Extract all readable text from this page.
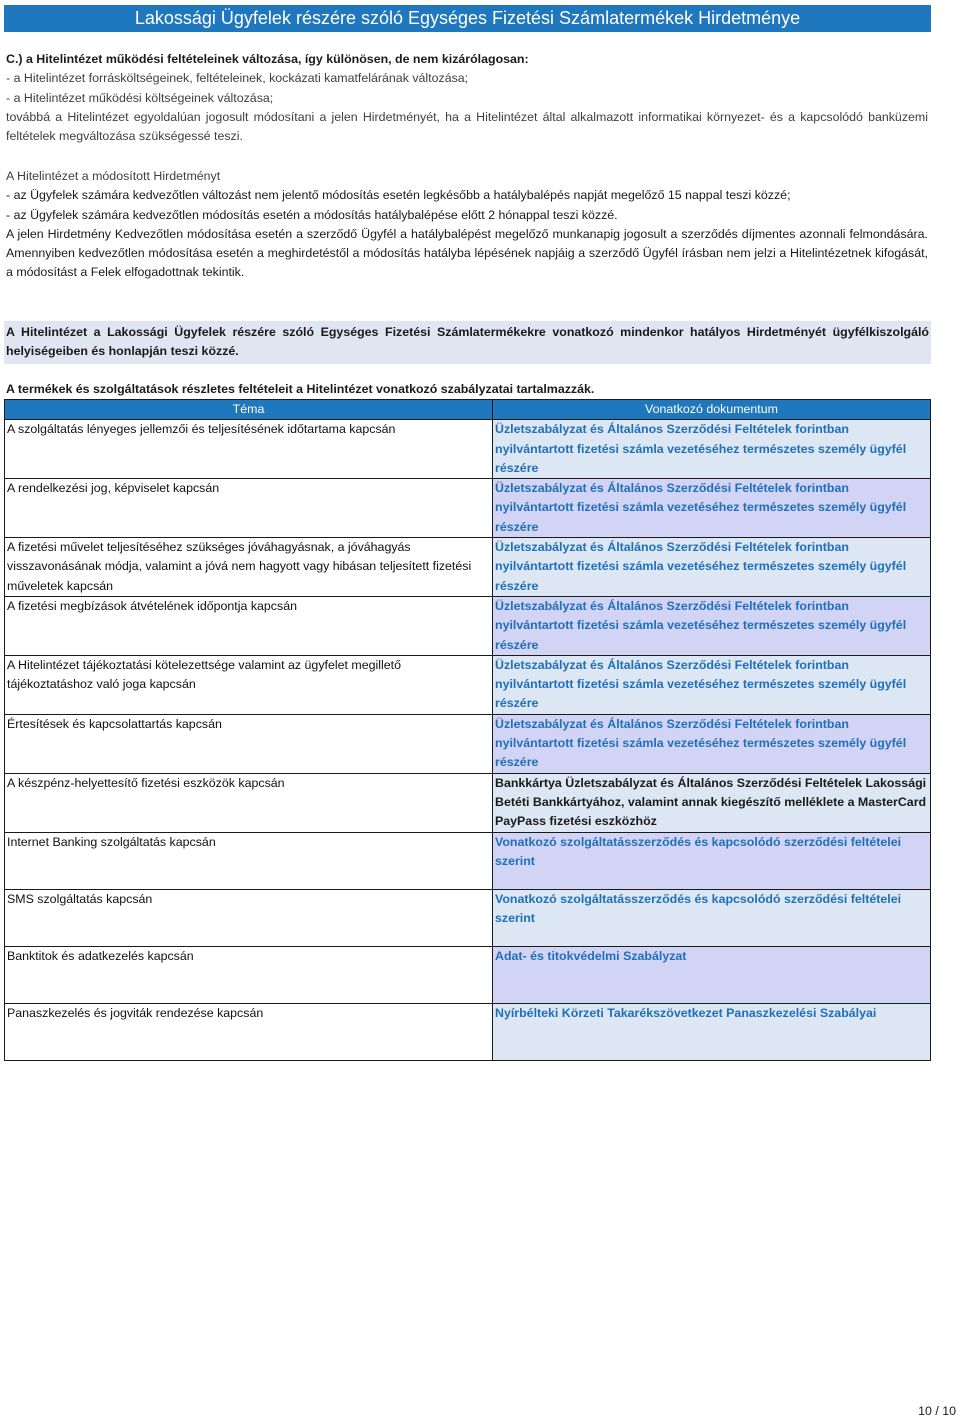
Lakossági Ügyfelek részére szóló Egységes Fizetési Számlatermékek Hirdetménye

C.) a Hitelintézet működési feltételeinek változása, így különösen, de nem kizárólagosan:

- a Hitelintézet forrásköltségeinek, feltételeinek, kockázati kamatfelárának változása;

- a Hitelintézet működési költségeinek változása;

továbbá a Hitelintézet egyoldalúan jogosult módosítani a jelen Hirdetményét, ha a Hitelintézet által alkalmazott informatikai környezet- és a kapcsolódó banküzemi feltételek megváltozása szükségessé teszi.

A Hitelintézet a módosított Hirdetményt

- az Ügyfelek számára kedvezőtlen változást nem jelentő módosítás esetén legkésőbb a hatálybalépés napját megelőző 15 nappal teszi közzé;

- az Ügyfelek számára kedvezőtlen módosítás esetén a módosítás hatálybalépése előtt 2 hónappal teszi közzé.

A jelen Hirdetmény Kedvezőtlen módosítása esetén a szerződő Ügyfél a hatálybalépést megelőző munkanapig jogosult a szerződés díjmentes azonnali felmondására. Amennyiben kedvezőtlen módosítása esetén a meghirdetéstől a módosítás hatályba lépésének napjáig a szerződő Ügyfél írásban nem jelzi a Hitelintézetnek kifogását, a módosítást a Felek elfogadottnak tekintik.

A Hitelintézet a Lakossági Ügyfelek részére szóló Egységes Fizetési Számlatermékekre vonatkozó mindenkor hatályos Hirdetményét ügyfélkiszolgáló helyiségeiben és honlapján teszi közzé.

A termékek és szolgáltatások részletes feltételeit a Hitelintézet vonatkozó szabályzatai tartalmazzák.
Téma	Vonatkozó dokumentum
A szolgáltatás lényeges jellemzői és teljesítésének időtartama kapcsán	Üzletszabályzat és Általános Szerződési Feltételek forintban nyilvántartott fizetési számla vezetéséhez természetes személy ügyfél részére
A rendelkezési jog, képviselet kapcsán	Üzletszabályzat és Általános Szerződési Feltételek forintban nyilvántartott fizetési számla vezetéséhez természetes személy ügyfél részére
A fizetési művelet teljesítéséhez szükséges jóváhagyásnak, a jóváhagyás visszavonásának módja, valamint a jóvá nem hagyott vagy hibásan teljesített fizetési műveletek kapcsán	Üzletszabályzat és Általános Szerződési Feltételek forintban nyilvántartott fizetési számla vezetéséhez természetes személy ügyfél részére
A fizetési megbízások átvételének időpontja kapcsán	Üzletszabályzat és Általános Szerződési Feltételek forintban nyilvántartott fizetési számla vezetéséhez természetes személy ügyfél részére
A Hitelintézet tájékoztatási kötelezettsége valamint az ügyfelet megillető tájékoztatáshoz való joga kapcsán	Üzletszabályzat és Általános Szerződési Feltételek forintban nyilvántartott fizetési számla vezetéséhez természetes személy ügyfél részére
Értesítések és kapcsolattartás kapcsán	Üzletszabályzat és Általános Szerződési Feltételek forintban nyilvántartott fizetési számla vezetéséhez természetes személy ügyfél részére
A készpénz-helyettesítő fizetési eszközök kapcsán	Bankkártya Üzletszabályzat és Általános Szerződési Feltételek Lakossági Betéti Bankkártyához, valamint annak kiegészítő melléklete a MasterCard PayPass fizetési eszközhöz
Internet Banking szolgáltatás kapcsán	Vonatkozó szolgáltatásszerződés és kapcsolódó szerződési feltételei szerint
SMS szolgáltatás kapcsán	Vonatkozó szolgáltatásszerződés és kapcsolódó szerződési feltételei szerint
Banktitok és adatkezelés kapcsán	Adat- és titokvédelmi Szabályzat
Panaszkezelés és jogviták rendezése kapcsán	Nyírbélteki Körzeti Takarékszövetkezet Panaszkezelési Szabályai
10 / 10
